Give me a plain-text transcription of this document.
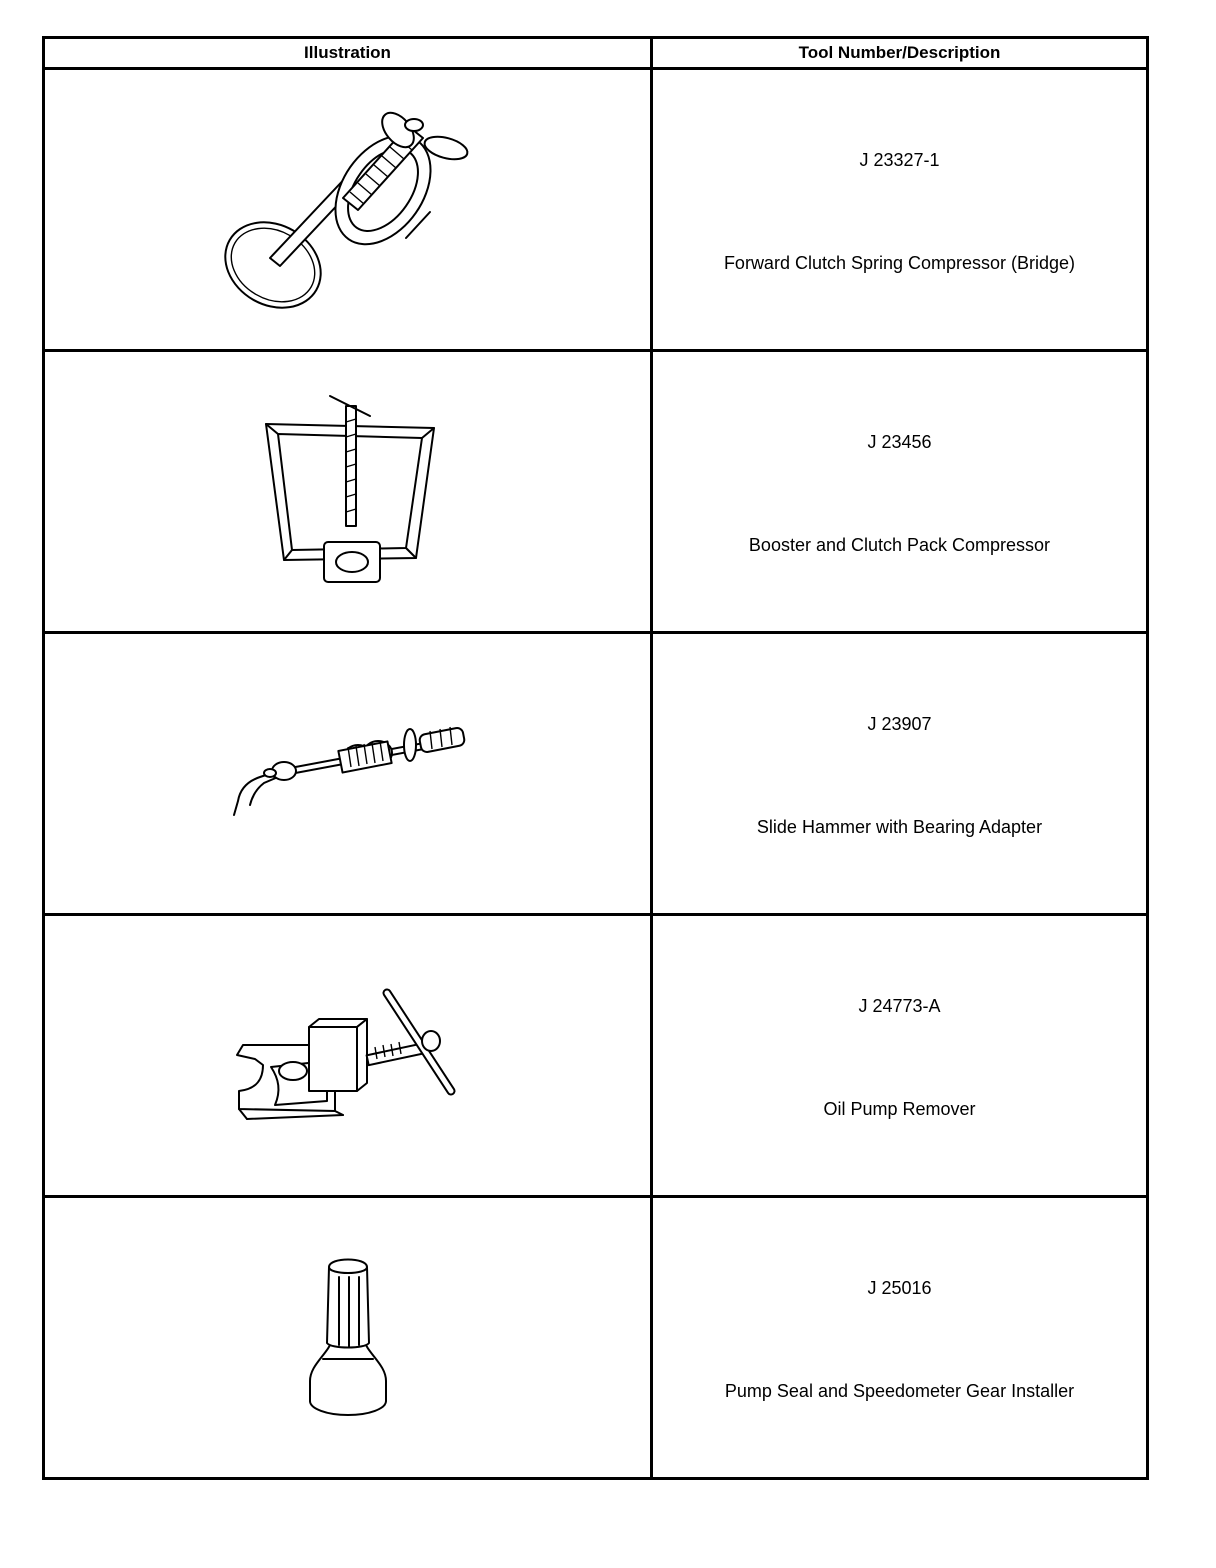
Illustration	Tool Number/Description

J 23327-1
Forward Clutch Spring Compressor (Bridge)

J 23456
Booster and Clutch Pack Compressor

J 23907
Slide Hammer with Bearing Adapter

J 24773-A
Oil Pump Remover

J 25016
Pump Seal and Speedometer Gear Installer
